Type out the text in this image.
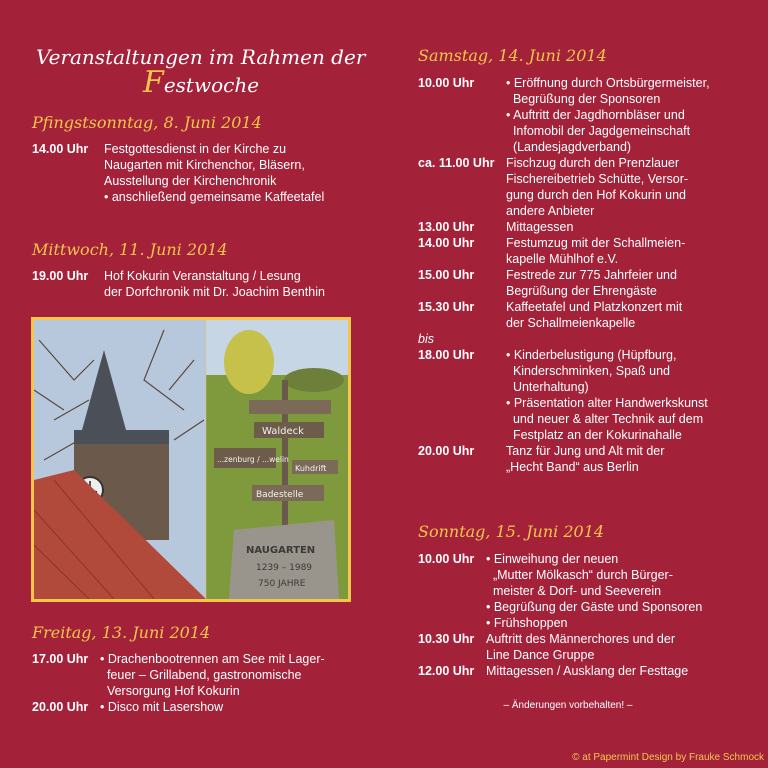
Veranstaltungen im Rahmen der
Festwoche
Pfingstsonntag, 8. Juni 2014
14.00 Uhr Festgottesdienst in der Kirche zu
Naugarten mit Kirchenchor, Bläsern,
Ausstellung der Kirchenchronik
• anschließend gemeinsame Kaffeetafel
Mittwoch, 11. Juni 2014
19.00 Uhr Hof Kokurin Veranstaltung / Lesung
der Dorfchronik mit Dr. Joachim Benthin
Waldeck
...zenburg / ...welin
Kuhdrift
Badestelle
NAUGARTEN
1239 – 1989
750 JAHRE
Freitag, 13. Juni 2014
17.00 Uhr • Drachenbootrennen am See mit Lager-
feuer – Grillabend, gastronomische
Versorgung Hof Kokurin
20.00 Uhr • Disco mit Lasershow
Samstag, 14. Juni 2014
10.00 Uhr	• Eröffnung durch Ortsbürgermeister,
Begrüßung der Sponsoren
• Auftritt der Jagdhornbläser und
Infomobil der Jagdgemeinschaft
(Landesjagdverband)
ca. 11.00 Uhr Fischzug durch den Prenzlauer
Fischereibetrieb Schütte, Versor-
gung durch den Hof Kokurin und
andere Anbieter
13.00 Uhr	Mittagessen
14.00 Uhr	Festumzug mit der Schallmeien-
kapelle Mühlhof e.V.
15.00 Uhr	Festrede zur 775 Jahrfeier und
Begrüßung der Ehrengäste
15.30 Uhr	Kaffeetafel und Platzkonzert mit
der Schallmeienkapelle
bis
18.00 Uhr	• Kinderbelustigung (Hüpfburg,
Kinderschminken, Spaß und
Unterhaltung)
• Präsentation alter Handwerkskunst
und neuer & alter Technik auf dem
Festplatz an der Kokurinahalle
20.00 Uhr	Tanz für Jung und Alt mit der
„Hecht Band“ aus Berlin
Sonntag, 15. Juni 2014
10.00 Uhr • Einweihung der neuen
„Mutter Mölkasch“ durch Bürger-
meister & Dorf- und Seeverein
• Begrüßung der Gäste und Sponsoren
• Frühshoppen
10.30 Uhr Auftritt des Männerchores und der
Line Dance Gruppe
12.00 Uhr Mittagessen / Ausklang der Festtage
– Änderungen vorbehalten! –
© at Papermint Design by Frauke Schmock
